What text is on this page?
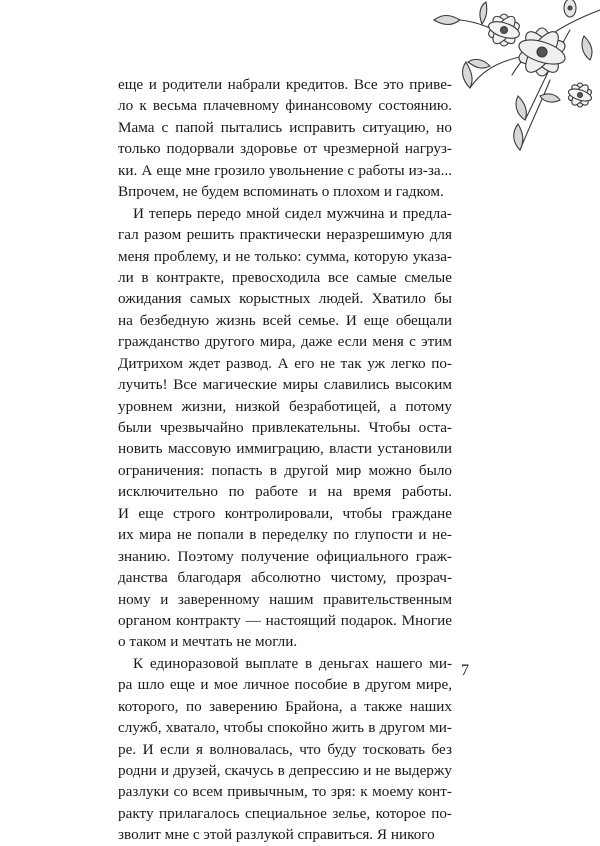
еще и родители набрали кредитов. Все это приве-
ло к весьма плачевному финансовому состоянию.
Мама с папой пытались исправить ситуацию, но
только подорвали здоровье от чрезмерной нагруз-
ки. А еще мне грозило увольнение с работы из-за...
Впрочем, не будем вспоминать о плохом и гадком.
И теперь передо мной сидел мужчина и предла-
гал разом решить практически неразрешимую для
меня проблему, и не только: сумма, которую указа-
ли в контракте, превосходила все самые смелые
ожидания самых корыстных людей. Хватило бы
на безбедную жизнь всей семье. И еще обещали
гражданство другого мира, даже если меня с этим
Дитрихом ждет развод. А его не так уж легко по-
лучить! Все магические миры славились высоким
уровнем жизни, низкой безработицей, а потому
были чрезвычайно привлекательны. Чтобы оста-
новить массовую иммиграцию, власти установили
ограничения: попасть в другой мир можно было
исключительно по работе и на время работы.
И еще строго контролировали, чтобы граждане
их мира не попали в переделку по глупости и не-
знанию. Поэтому получение официального граж-
данства благодаря абсолютно чистому, прозрач-
ному и заверенному нашим правительственным
органом контракту — настоящий подарок. Многие
о таком и мечтать не могли.
К единоразовой выплате в деньгах нашего ми-
ра шло еще и мое личное пособие в другом мире,
которого, по заверению Брайона, а также наших
служб, хватало, чтобы спокойно жить в другом ми-
ре. И если я волновалась, что буду тосковать без
родни и друзей, скачусь в депрессию и не выдержу
разлуки со всем привычным, то зря: к моему конт-
ракту прилагалось специальное зелье, которое по-
зволит мне с этой разлукой справиться. Я никого
7
